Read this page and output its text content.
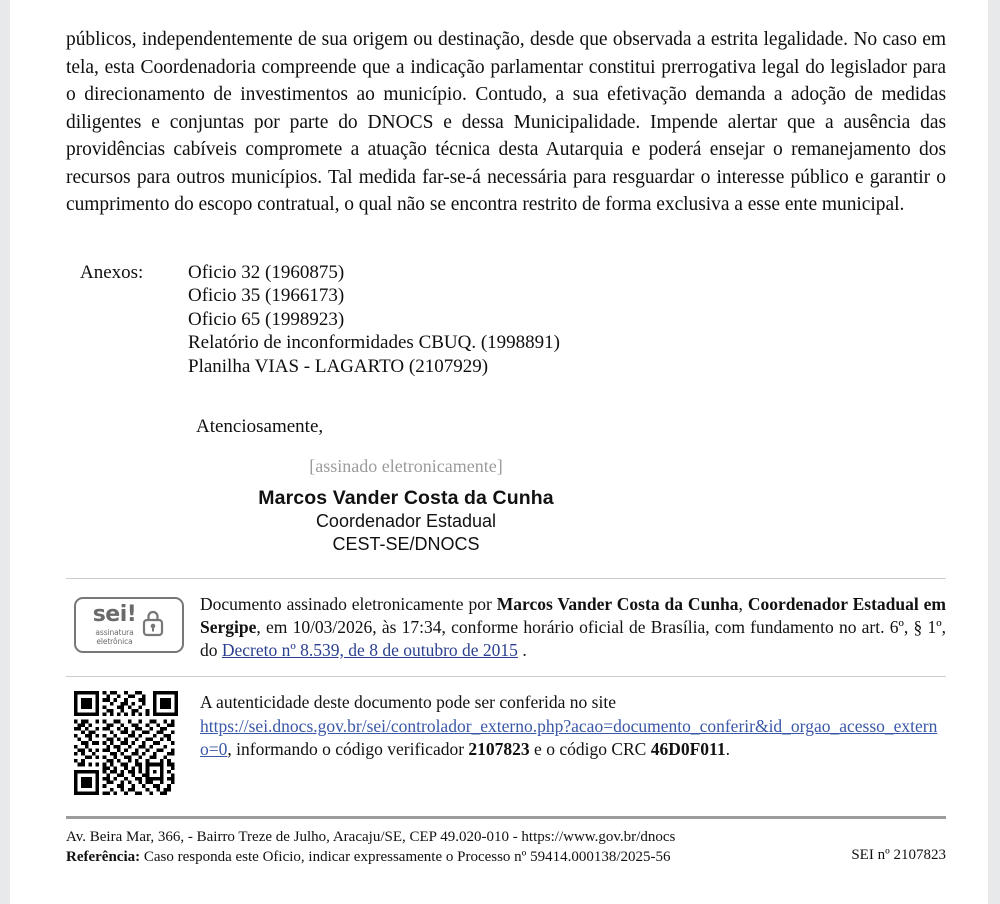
públicos, independentemente de sua origem ou destinação, desde que observada a estrita legalidade. No caso em tela, esta Coordenadoria compreende que a indicação parlamentar constitui prerrogativa legal do legislador para o direcionamento de investimentos ao município. Contudo, a sua efetivação demanda a adoção de medidas diligentes e conjuntas por parte do DNOCS e dessa Municipalidade. Impende alertar que a ausência das providências cabíveis compromete a atuação técnica desta Autarquia e poderá ensejar o remanejamento dos recursos para outros municípios. Tal medida far-se-á necessária para resguardar o interesse público e garantir o cumprimento do escopo contratual, o qual não se encontra restrito de forma exclusiva a esse ente municipal.

Anexos:	Oficio 32 (1960875)
Oficio 35 (1966173)
Oficio 65 (1998923)
Relatório de inconformidades CBUQ. (1998891)
Planilha VIAS - LAGARTO (2107929)
Atenciosamente,
[assinado eletronicamente]
Marcos Vander Costa da Cunha
Coordenador Estadual
CEST-SE/DNOCS
sei!
assinatura
eletrônica
Documento assinado eletronicamente por Marcos Vander Costa da Cunha, Coordenador Estadual em Sergipe, em 10/03/2026, às 17:34, conforme horário oficial de Brasília, com fundamento no art. 6º, § 1º, do Decreto nº 8.539, de 8 de outubro de 2015 .
A autenticidade deste documento pode ser conferida no site
https://sei.dnocs.gov.br/sei/controlador_externo.php?acao=documento_conferir&id_orgao_acesso_externo=0, informando o código verificador 2107823 e o código CRC 46D0F011.
Av. Beira Mar, 366, - Bairro Treze de Julho, Aracaju/SE, CEP 49.020-010 - https://www.gov.br/dnocs
Referência: Caso responda este Oficio, indicar expressamente o Processo nº 59414.000138/2025-56	SEI nº 2107823
